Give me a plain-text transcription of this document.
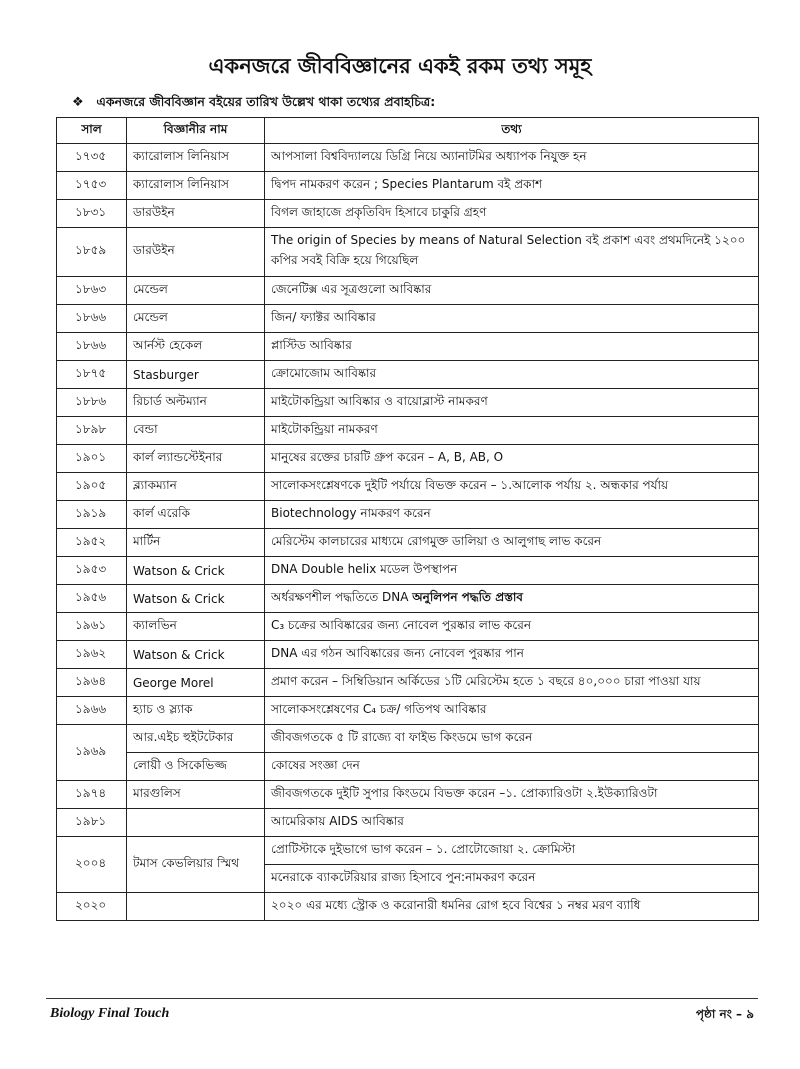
একনজরে জীববিজ্ঞানের একই রকম তথ্য সমূহ
❖ একনজরে জীববিজ্ঞান বইয়ের তারিখ উল্লেখ থাকা তথ্যের প্রবাহচিত্র:
সাল	বিজ্ঞানীর নাম	তথ্য
১৭৩৫	ক্যারোলাস লিনিয়াস	আপসালা বিশ্ববিদ্যালয়ে ডিগ্রি নিয়ে অ্যানাটমির অধ্যাপক নিযুক্ত হন
১৭৫৩	ক্যারোলাস লিনিয়াস	দ্বিপদ নামকরণ করেন ; Species Plantarum বই প্রকাশ
১৮৩১	ডারউইন	বিগল জাহাজে প্রকৃতিবিদ হিসাবে চাকুরি গ্রহণ
১৮৫৯	ডারউইন	The origin of Species by means of Natural Selection বই প্রকাশ এবং প্রথমদিনেই ১২০০ কপির সবই বিক্রি হয়ে গিয়েছিল
১৮৬৩	মেন্ডেল	জেনেটিক্স এর সূত্রগুলো আবিষ্কার
১৮৬৬	মেন্ডেল	জিন/ ফ্যাক্টর আবিষ্কার
১৮৬৬	আর্নস্ট হেকেল	প্লাস্টিড আবিষ্কার
১৮৭৫	Stasburger	ক্রোমোজোম আবিষ্কার
১৮৮৬	রিচার্ড অল্টম্যান	মাইটোকন্ড্রিয়া আবিষ্কার ও বায়োব্লাস্ট নামকরণ
১৮৯৮	বেন্ডা	মাইটোকন্ড্রিয়া নামকরণ
১৯০১	কার্ল ল্যান্ডস্টেইনার	মানুষের রক্তের চারটি গ্রুপ করেন – A, B, AB, O
১৯০৫	ব্ল্যাকম্যান	সালোকসংশ্লেষণকে দুইটি পর্যায়ে বিভক্ত করেন – ১.আলোক পর্যায় ২. অন্ধকার পর্যায়
১৯১৯	কার্ল এরেকি	Biotechnology নামকরণ করেন
১৯৫২	মার্টিন	মেরিস্টেম কালচারের মাধ্যমে রোগমুক্ত ডালিয়া ও আলুগাছ লাভ করেন
১৯৫৩	Watson & Crick	DNA Double helix মডেল উপস্থাপন
১৯৫৬	Watson & Crick	অর্ধরক্ষণশীল পদ্ধতিতে DNA অনুলিপন পদ্ধতি প্রস্তাব
১৯৬১	ক্যালভিন	C₃ চক্রের আবিষ্কারের জন্য নোবেল পুরষ্কার লাভ করেন
১৯৬২	Watson & Crick	DNA এর গঠন আবিষ্কারের জন্য নোবেল পুরষ্কার পান
১৯৬৪	George Morel	প্রমাণ করেন – সিম্বিডিয়ান অর্কিডের ১টি মেরিস্টেম হতে ১ বছরে ৪০,০০০ চারা পাওয়া যায়
১৯৬৬	হ্যাচ ও স্ল্যাক	সালোকসংশ্লেষণের C₄ চক্র/ গতিপথ আবিষ্কার
১৯৬৯	আর.এইচ হুইটটেকার	জীবজগতকে ৫ টি রাজ্যে বা ফাইভ কিংডমে ভাগ করেন
	লোয়ী ও সিকেভিজ্জ	কোষের সংজ্ঞা দেন
১৯৭৪	মারগুলিস	জীবজগতকে দুইটি সুপার কিংডমে বিভক্ত করেন –১. প্রোক্যারিওটা ২.ইউক্যারিওটা
১৯৮১		আমেরিকায় AIDS আবিষ্কার
২০০৪	টমাস কেভলিয়ার স্মিথ	প্রোটিস্টাকে দুইভাগে ভাগ করেন – ১. প্রোটোজোয়া ২. ক্রোমিস্টা
		মনেরাকে ব্যাকটেরিয়ার রাজ্য হিসাবে পুন:নামকরণ করেন
২০২০		২০২০ এর মধ্যে স্ট্রোক ও করোনারী ধমনির রোগ হবে বিশ্বের ১ নম্বর মরণ ব্যাধি
Biology Final Touch	পৃষ্ঠা নং – ৯
